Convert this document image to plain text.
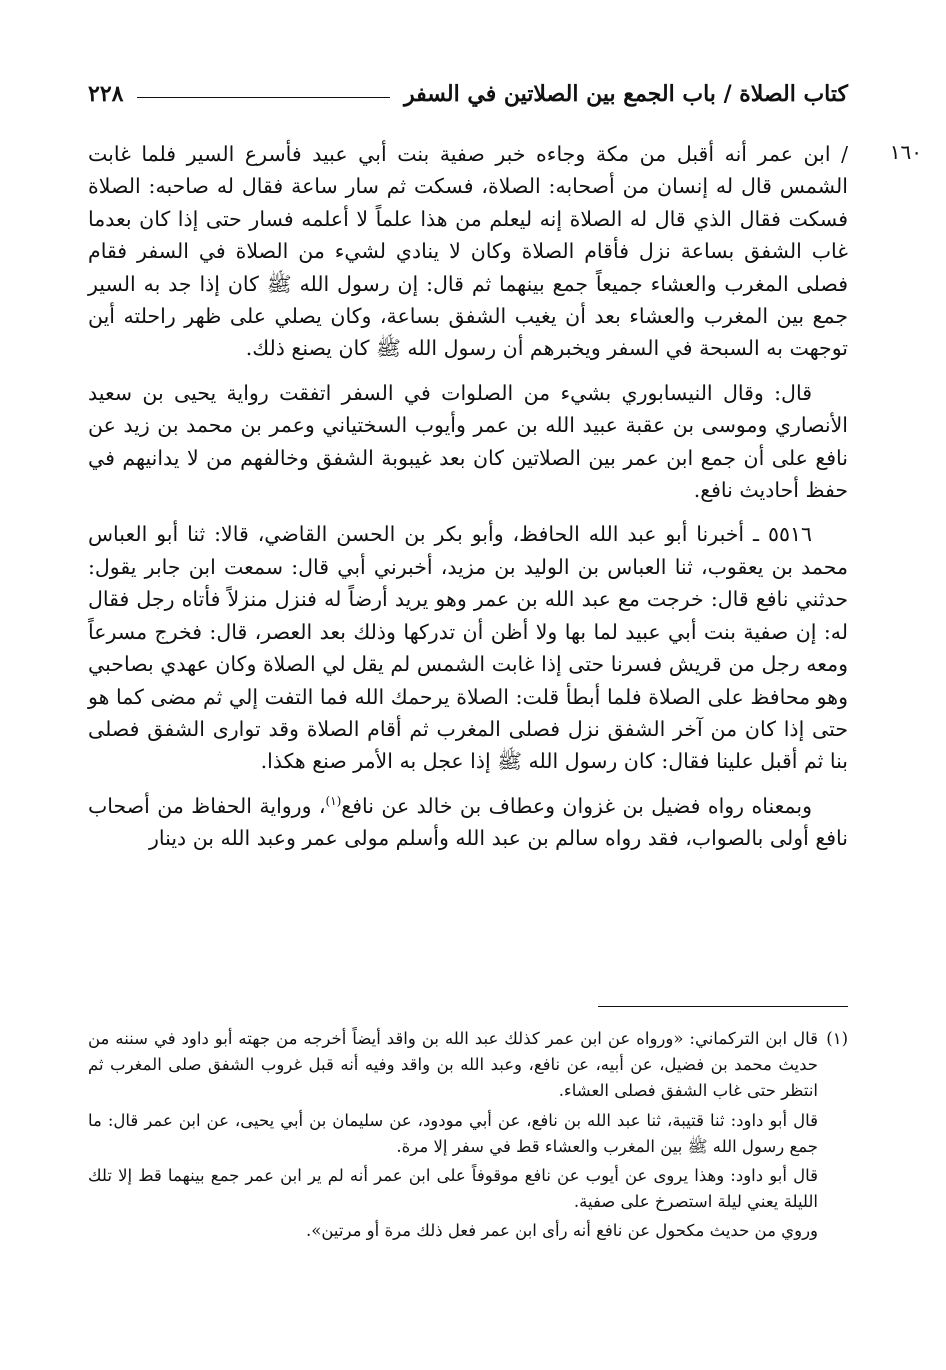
كتاب الصلاة / باب الجمع بين الصلاتين في السفر
٢٢٨
١٦٠

/ ابن عمر أنه أقبل من مكة وجاءه خبر صفية بنت أبي عبيد فأسرع السير فلما غابت الشمس قال له إنسان من أصحابه: الصلاة، فسكت ثم سار ساعة فقال له صاحبه: الصلاة فسكت فقال الذي قال له الصلاة إنه ليعلم من هذا علماً لا أعلمه فسار حتى إذا كان بعدما غاب الشفق بساعة نزل فأقام الصلاة وكان لا ينادي لشيء من الصلاة في السفر فقام فصلى المغرب والعشاء جميعاً جمع بينهما ثم قال: إن رسول الله ﷺ كان إذا جد به السير جمع بين المغرب والعشاء بعد أن يغيب الشفق بساعة، وكان يصلي على ظهر راحلته أين توجهت به السبحة في السفر ويخبرهم أن رسول الله ﷺ كان يصنع ذلك.

قال: وقال النيسابوري بشيء من الصلوات في السفر اتفقت رواية يحيى بن سعيد الأنصاري وموسى بن عقبة عبيد الله بن عمر وأيوب السختياني وعمر بن محمد بن زيد عن نافع على أن جمع ابن عمر بين الصلاتين كان بعد غيبوبة الشفق وخالفهم من لا يدانيهم في حفظ أحاديث نافع.

٥٥١٦ ـ أخبرنا أبو عبد الله الحافظ، وأبو بكر بن الحسن القاضي، قالا: ثنا أبو العباس محمد بن يعقوب، ثنا العباس بن الوليد بن مزيد، أخبرني أبي قال: سمعت ابن جابر يقول: حدثني نافع قال: خرجت مع عبد الله بن عمر وهو يريد أرضاً له فنزل منزلاً فأتاه رجل فقال له: إن صفية بنت أبي عبيد لما بها ولا أظن أن تدركها وذلك بعد العصر، قال: فخرج مسرعاً ومعه رجل من قريش فسرنا حتى إذا غابت الشمس لم يقل لي الصلاة وكان عهدي بصاحبي وهو محافظ على الصلاة فلما أبطأ قلت: الصلاة يرحمك الله فما التفت إلي ثم مضى كما هو حتى إذا كان من آخر الشفق نزل فصلى المغرب ثم أقام الصلاة وقد توارى الشفق فصلى بنا ثم أقبل علينا فقال: كان رسول الله ﷺ إذا عجل به الأمر صنع هكذا.

وبمعناه رواه فضيل بن غزوان وعطاف بن خالد عن نافع$^{(١)}$، ورواية الحفاظ من أصحاب نافع أولى بالصواب، فقد رواه سالم بن عبد الله وأسلم مولى عمر وعبد الله بن دينار

(١)
قال ابن التركماني: «ورواه عن ابن عمر كذلك عبد الله بن واقد أيضاً أخرجه من جهته أبو داود في سننه من حديث محمد بن فضيل، عن أبيه، عن نافع، وعبد الله بن واقد وفيه أنه قبل غروب الشفق صلى المغرب ثم انتظر حتى غاب الشفق فصلى العشاء.
قال أبو داود: ثنا قتيبة، ثنا عبد الله بن نافع، عن أبي مودود، عن سليمان بن أبي يحيى، عن ابن عمر قال: ما جمع رسول الله ﷺ بين المغرب والعشاء قط في سفر إلا مرة.
قال أبو داود: وهذا يروى عن أيوب عن نافع موقوفاً على ابن عمر أنه لم ير ابن عمر جمع بينهما قط إلا تلك الليلة يعني ليلة استصرخ على صفية.
وروي من حديث مكحول عن نافع أنه رأى ابن عمر فعل ذلك مرة أو مرتين».
